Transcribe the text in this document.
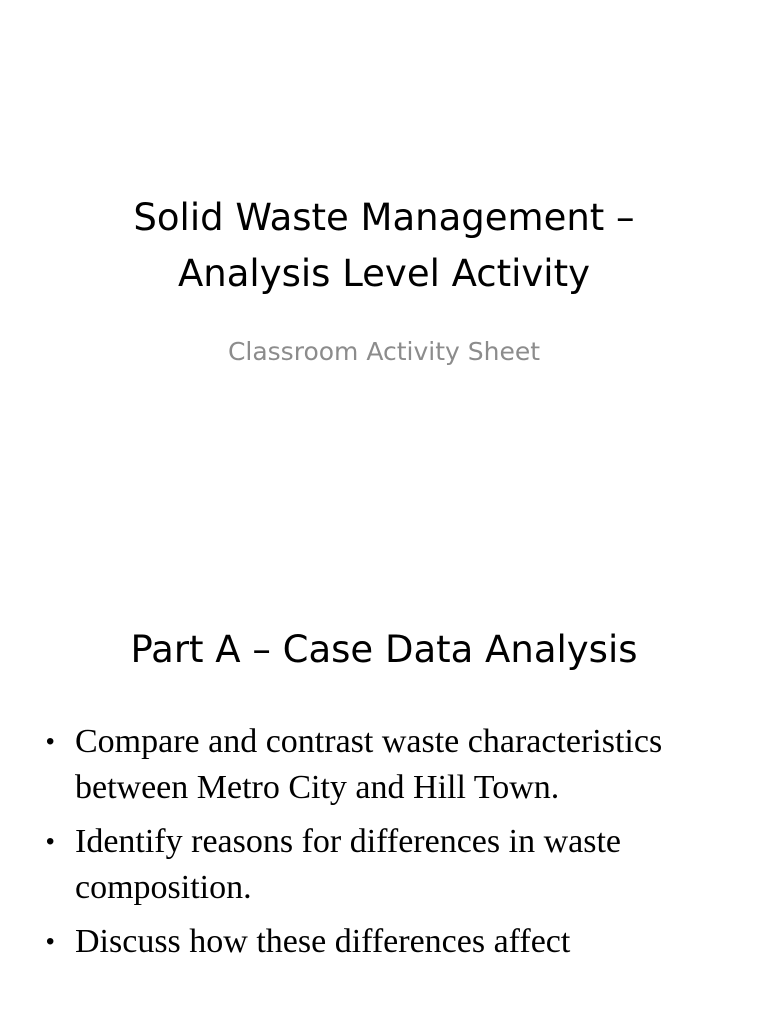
Solid Waste Management –
Analysis Level Activity

Classroom Activity Sheet

Part A – Case Data Analysis
• Compare and contrast waste characteristics between Metro City and Hill Town.
• Identify reasons for differences in waste composition.
• Discuss how these differences affect
